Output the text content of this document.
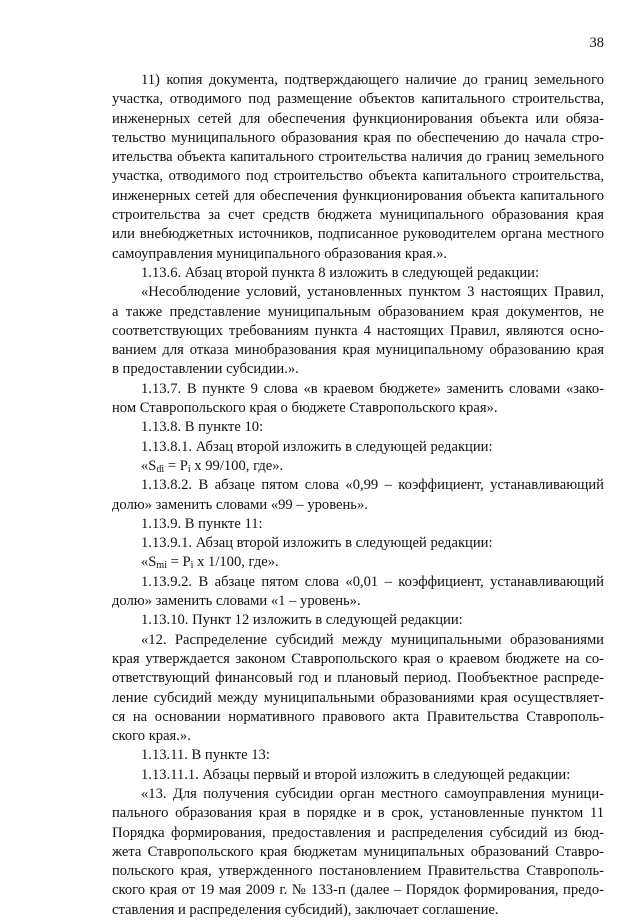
38
11) копия документа, подтверждающего наличие до границ земельного
участка, отводимого под размещение объектов капитального строительства,
инженерных сетей для обеспечения функционирования объекта или обяза-
тельство муниципального образования края по обеспечению до начала стро-
ительства объекта капитального строительства наличия до границ земельного
участка, отводимого под строительство объекта капитального строительства,
инженерных сетей для обеспечения функционирования объекта капитального
строительства за счет средств бюджета муниципального образования края
или внебюджетных источников, подписанное руководителем органа местного
самоуправления муниципального образования края.».
1.13.6. Абзац второй пункта 8 изложить в следующей редакции:
«Несоблюдение условий, установленных пунктом 3 настоящих Правил,
а также представление муниципальным образованием края документов, не
соответствующих требованиям пункта 4 настоящих Правил, являются осно-
ванием для отказа минобразования края муниципальному образованию края
в предоставлении субсидии.».
1.13.7. В пункте 9 слова «в краевом бюджете» заменить словами «зако-
ном Ставропольского края о бюджете Ставропольского края».
1.13.8. В пункте 10:
1.13.8.1. Абзац второй изложить в следующей редакции:
«$S_{di} = P_i$ x 99/100, где».
1.13.8.2. В абзаце пятом слова «0,99 – коэффициент, устанавливающий
долю» заменить словами «99 – уровень».
1.13.9. В пункте 11:
1.13.9.1. Абзац второй изложить в следующей редакции:
«$S_{mi} = P_i$ x 1/100, где».
1.13.9.2. В абзаце пятом слова «0,01 – коэффициент, устанавливающий
долю» заменить словами «1 – уровень».
1.13.10. Пункт 12 изложить в следующей редакции:
«12. Распределение субсидий между муниципальными образованиями
края утверждается законом Ставропольского края о краевом бюджете на со-
ответствующий финансовый год и плановый период. Пообъектное распреде-
ление субсидий между муниципальными образованиями края осуществляет-
ся на основании нормативного правового акта Правительства Ставрополь-
ского края.».
1.13.11. В пункте 13:
1.13.11.1. Абзацы первый и второй изложить в следующей редакции:
«13. Для получения субсидии орган местного самоуправления муници-
пального образования края в порядке и в срок, установленные пунктом 11
Порядка формирования, предоставления и распределения субсидий из бюд-
жета Ставропольского края бюджетам муниципальных образований Ставро-
польского края, утвержденного постановлением Правительства Ставрополь-
ского края от 19 мая 2009 г. № 133-п (далее – Порядок формирования, предо-
ставления и распределения субсидий), заключает соглашение.
